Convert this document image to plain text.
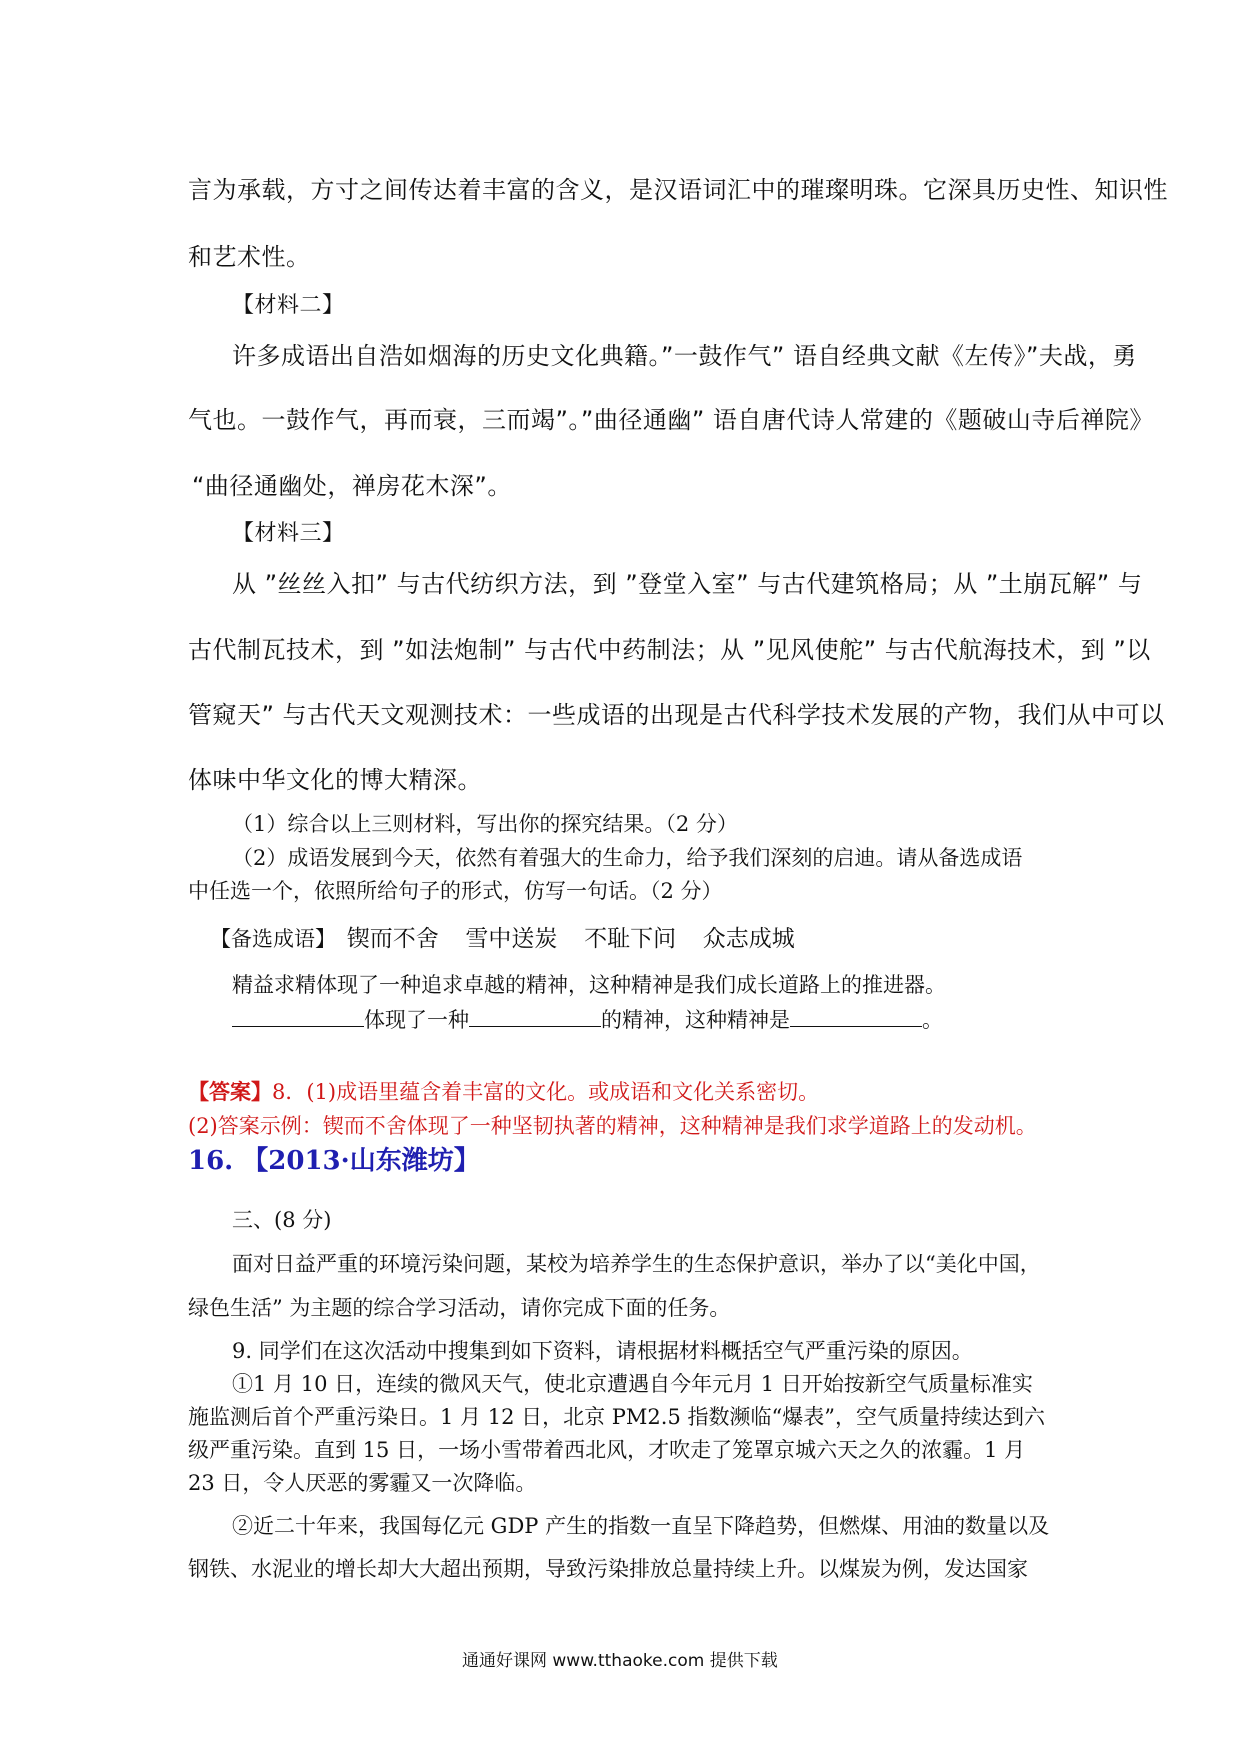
言为承载，方寸之间传达着丰富的含义，是汉语词汇中的璀璨明珠。它深具历史性、知识性
和艺术性。
【材料二】
许多成语出自浩如烟海的历史文化典籍。”一鼓作气” 语自经典文献《左传》”夫战，勇
气也。一鼓作气，再而衰，三而竭”。”曲径通幽” 语自唐代诗人常建的《题破山寺后禅院》
“曲径通幽处，禅房花木深”。
【材料三】
从 ”丝丝入扣” 与古代纺织方法，到 ”登堂入室” 与古代建筑格局；从 ”土崩瓦解” 与
古代制瓦技术，到 ”如法炮制” 与古代中药制法；从 ”见风使舵” 与古代航海技术，到 ”以
管窥天” 与古代天文观测技术：一些成语的出现是古代科学技术发展的产物，我们从中可以
体味中华文化的博大精深。
（1）综合以上三则材料，写出你的探究结果。（2 分）
（2）成语发展到今天，依然有着强大的生命力，给予我们深刻的启迪。请从备选成语
中任选一个，依照所给句子的形式，仿写一句话。（2 分）
【备选成语】 锲而不舍 雪中送炭 不耻下问 众志成城
精益求精体现了一种追求卓越的精神，这种精神是我们成长道路上的推进器。
体现了一种	的精神，这种精神是	。
【答案】8．(1)成语里蕴含着丰富的文化。或成语和文化关系密切。
(2)答案示例：锲而不舍体现了一种坚韧执著的精神，这种精神是我们求学道路上的发动机。
16. 【2013·山东潍坊】
三、(8 分)
面对日益严重的环境污染问题，某校为培养学生的生态保护意识，举办了以“美化中国，
绿色生活” 为主题的综合学习活动，请你完成下面的任务。
9. 同学们在这次活动中搜集到如下资料，请根据材料概括空气严重污染的原因。
①1 月 10 日，连续的微风天气，使北京遭遇自今年元月 1 日开始按新空气质量标准实
施监测后首个严重污染日。1 月 12 日，北京 PM2.5 指数濒临“爆表”，空气质量持续达到六
级严重污染。直到 15 日，一场小雪带着西北风，才吹走了笼罩京城六天之久的浓霾。1 月
23 日，令人厌恶的雾霾又一次降临。
②近二十年来，我国每亿元 GDP 产生的指数一直呈下降趋势，但燃煤、用油的数量以及
钢铁、水泥业的增长却大大超出预期，导致污染排放总量持续上升。以煤炭为例，发达国家
通通好课网 www.tthaoke.com 提供下载
